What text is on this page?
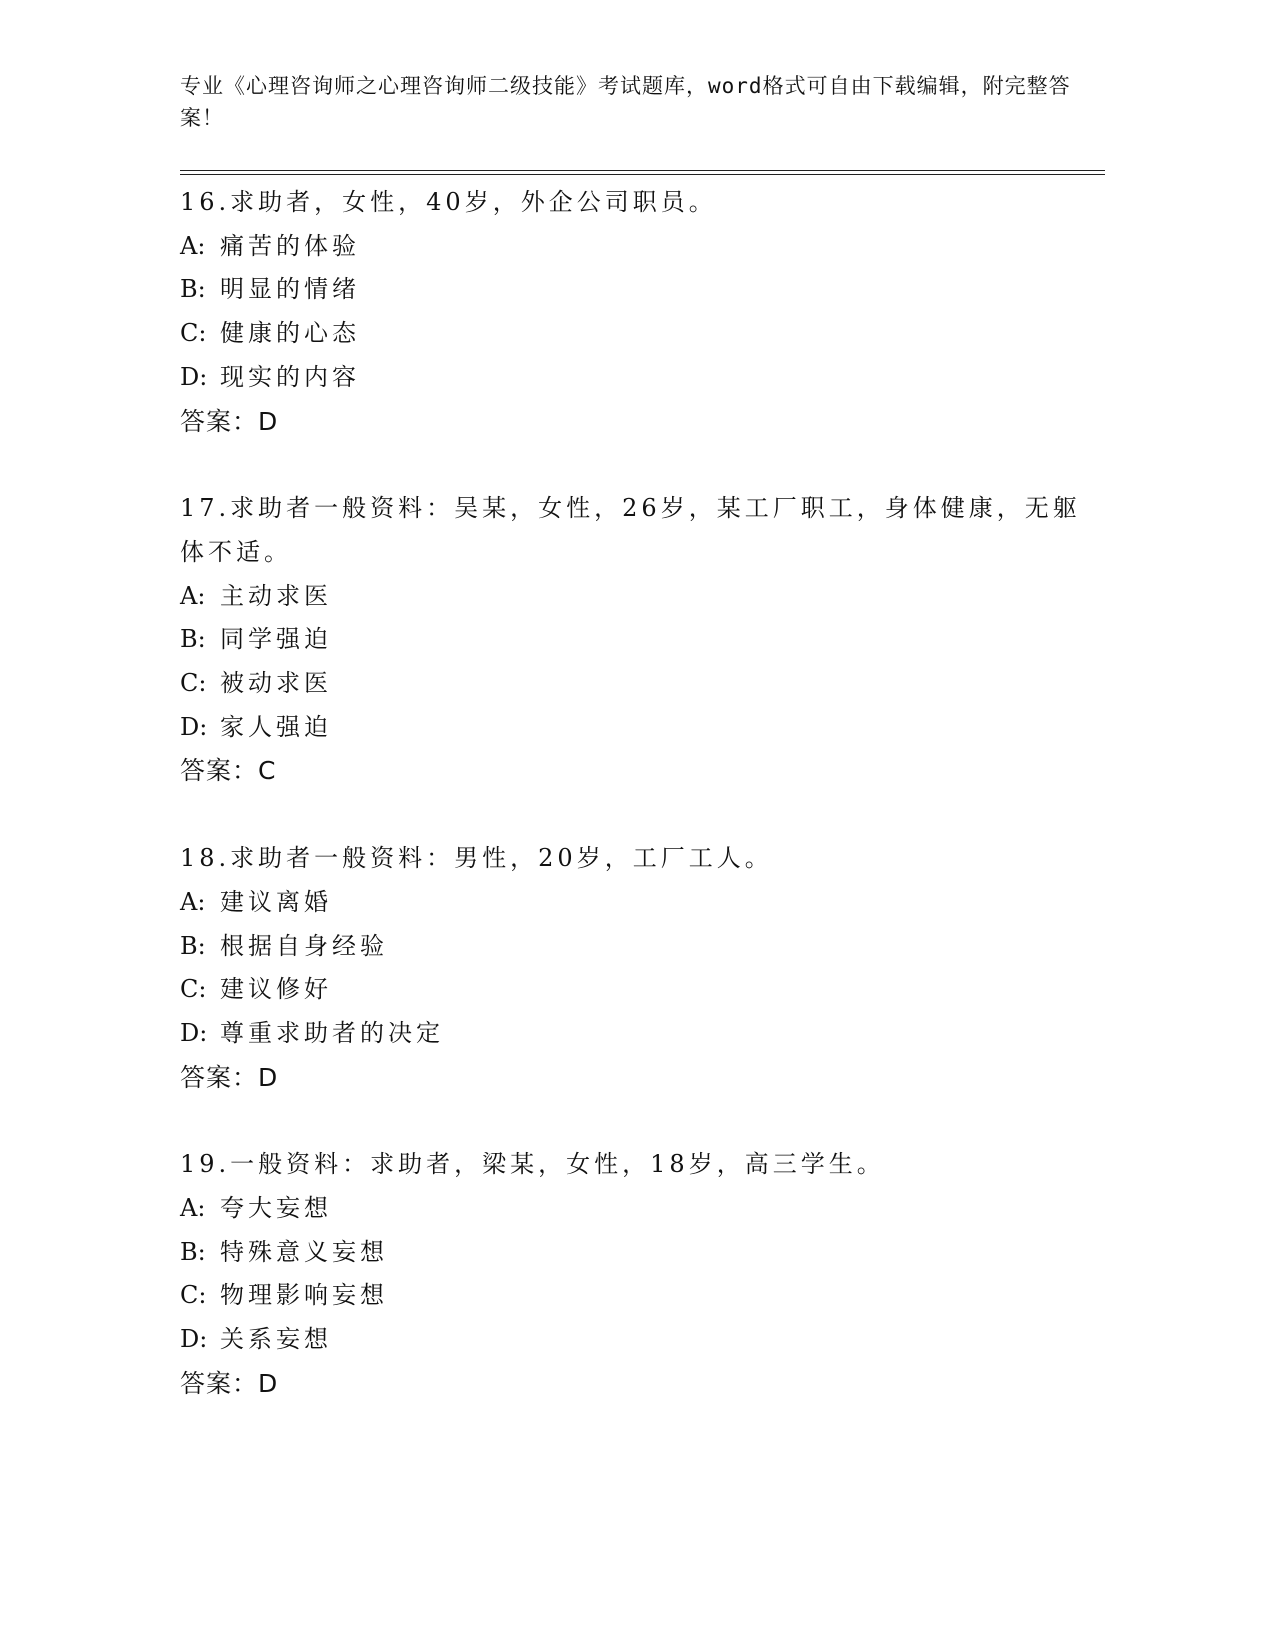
专业《心理咨询师之心理咨询师二级技能》考试题库，word格式可自由下载编辑，附完整答案！
16.求助者，女性，40岁，外企公司职员。
A: 痛苦的体验
B: 明显的情绪
C: 健康的心态
D: 现实的内容
答案：D
17.求助者一般资料：吴某，女性，26岁，某工厂职工，身体健康，无躯体不适。
A: 主动求医
B: 同学强迫
C: 被动求医
D: 家人强迫
答案：C
18.求助者一般资料：男性，20岁，工厂工人。
A: 建议离婚
B: 根据自身经验
C: 建议修好
D: 尊重求助者的决定
答案：D
19.一般资料：求助者，梁某，女性，18岁，高三学生。
A: 夸大妄想
B: 特殊意义妄想
C: 物理影响妄想
D: 关系妄想
答案：D
